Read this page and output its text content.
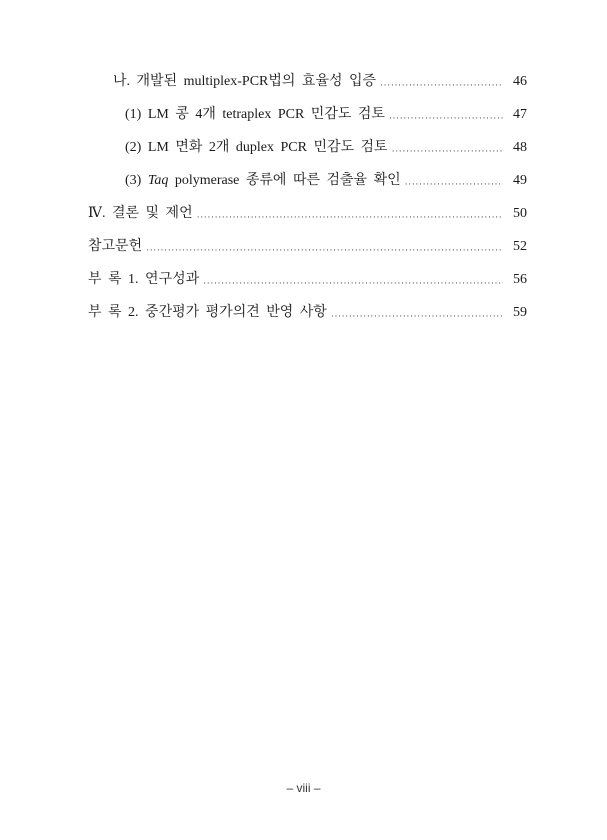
나. 개발된 multiplex-PCR법의 효율성 입증 ·····	46
(1) LM 콩 4개 tetraplex PCR 민감도 검토 ·····	47
(2) LM 면화 2개 duplex PCR 민감도 검토 ·····	48
(3) Taq polymerase 종류에 따른 검출율 확인 ·····	49
Ⅳ. 결론 및 제언 ·····	50
참고문헌 ·····	52
부 록 1. 연구성과 ·····	56
부 록 2. 중간평가 평가의견 반영 사항 ·····	59
– viii –
